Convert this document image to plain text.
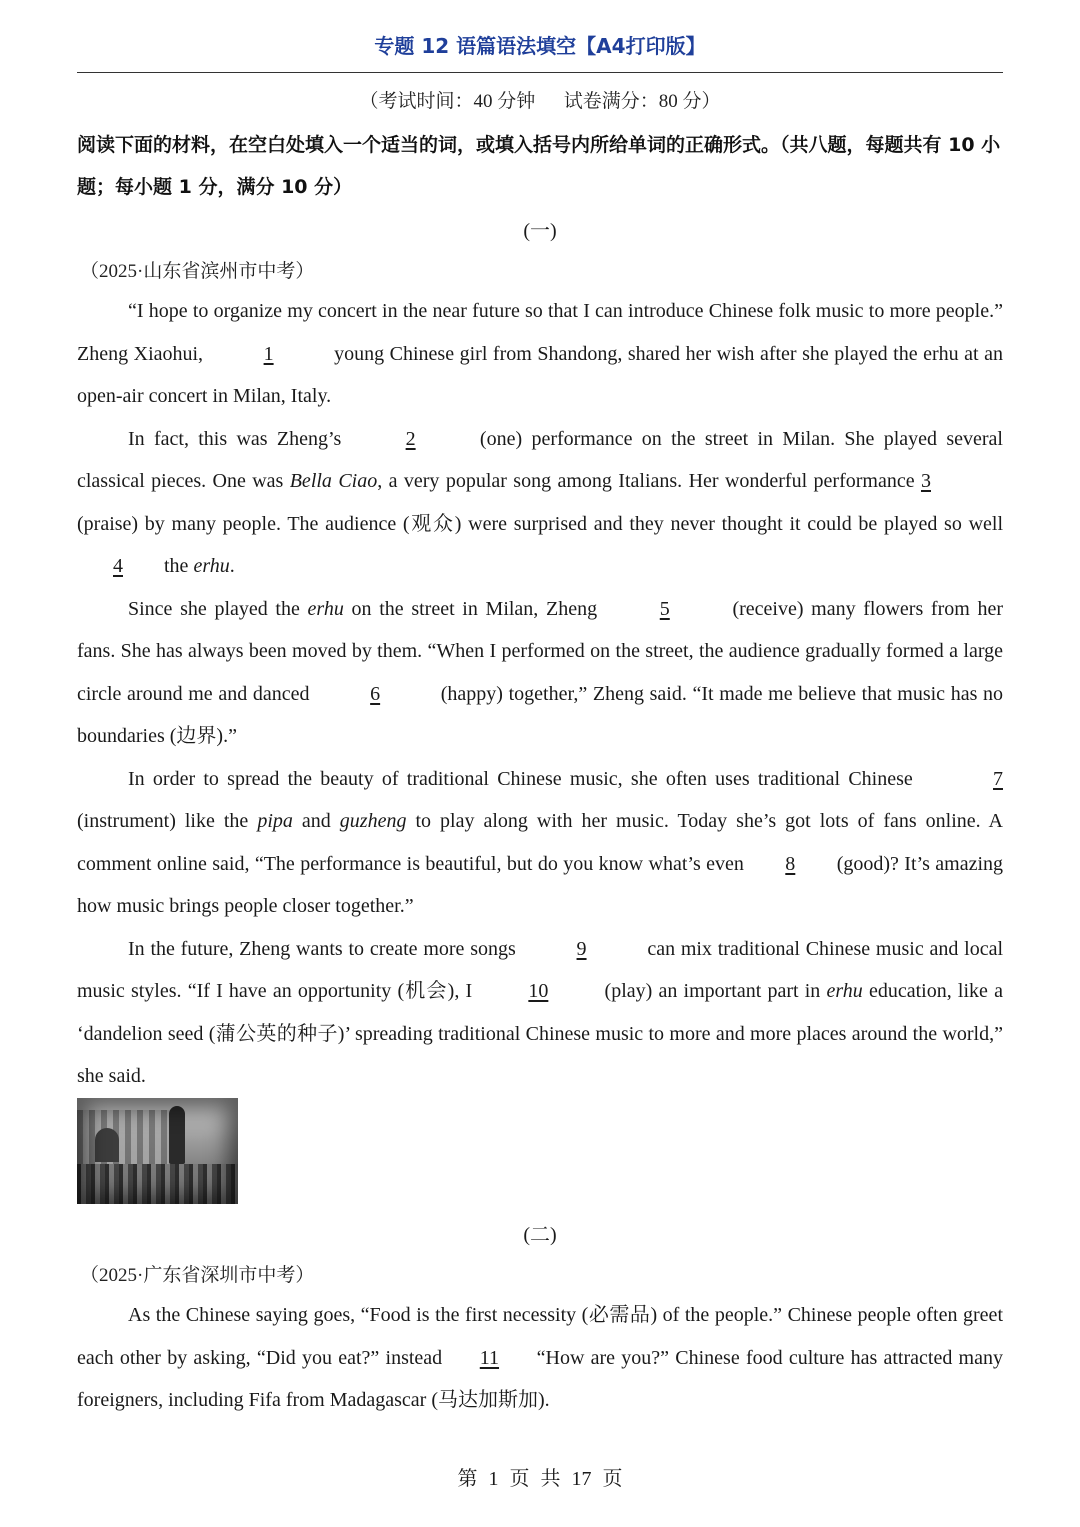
专题 12 语篇语法填空【A4打印版】
（考试时间：40 分钟      试卷满分：80 分）
阅读下面的材料，在空白处填入一个适当的词，或填入括号内所给单词的正确形式。（共八题，每题共有 10 小题；每小题 1 分，满分 10 分）
(一)
（2025·山东省滨州市中考）

“I hope to organize my concert in the near future so that I can introduce Chinese folk music to more people.” Zheng Xiaohui,	1	young Chinese girl from Shandong, shared her wish after she played the erhu at an open-air concert in Milan, Italy.

In fact, this was Zheng’s	2	(one) performance on the street in Milan. She played several classical pieces. One was Bella Ciao, a very popular song among Italians. Her wonderful performance 3 (praise) by many people. The audience (观众) were surprised and they never thought it could be played so well 4 the erhu.

Since she played the erhu on the street in Milan, Zheng	5	(receive) many flowers from her fans. She has always been moved by them. “When I performed on the street, the audience gradually formed a large circle around me and danced	6	(happy) together,” Zheng said. “It made me believe that music has no boundaries (边界).”

In order to spread the beauty of traditional Chinese music, she often uses traditional Chinese	7 (instrument) like the pipa and guzheng to play along with her music. Today she’s got lots of fans online. A comment online said, “The performance is beautiful, but do you know what’s even 8 (good)? It’s amazing how music brings people closer together.”

In the future, Zheng wants to create more songs	9	can mix traditional Chinese music and local music styles. “If I have an opportunity (机会), I	10	(play) an important part in erhu education, like a ‘dandelion seed (蒲公英的种子)’ spreading traditional Chinese music to more and more places around the world,” she said.

(二)
（2025·广东省深圳市中考）

As the Chinese saying goes, “Food is the first necessity (必需品) of the people.” Chinese people often greet each other by asking, “Did you eat?” instead 11 “How are you?” Chinese food culture has attracted many foreigners, including Fifa from Madagascar (马达加斯加).

第 1 页 共 17 页
